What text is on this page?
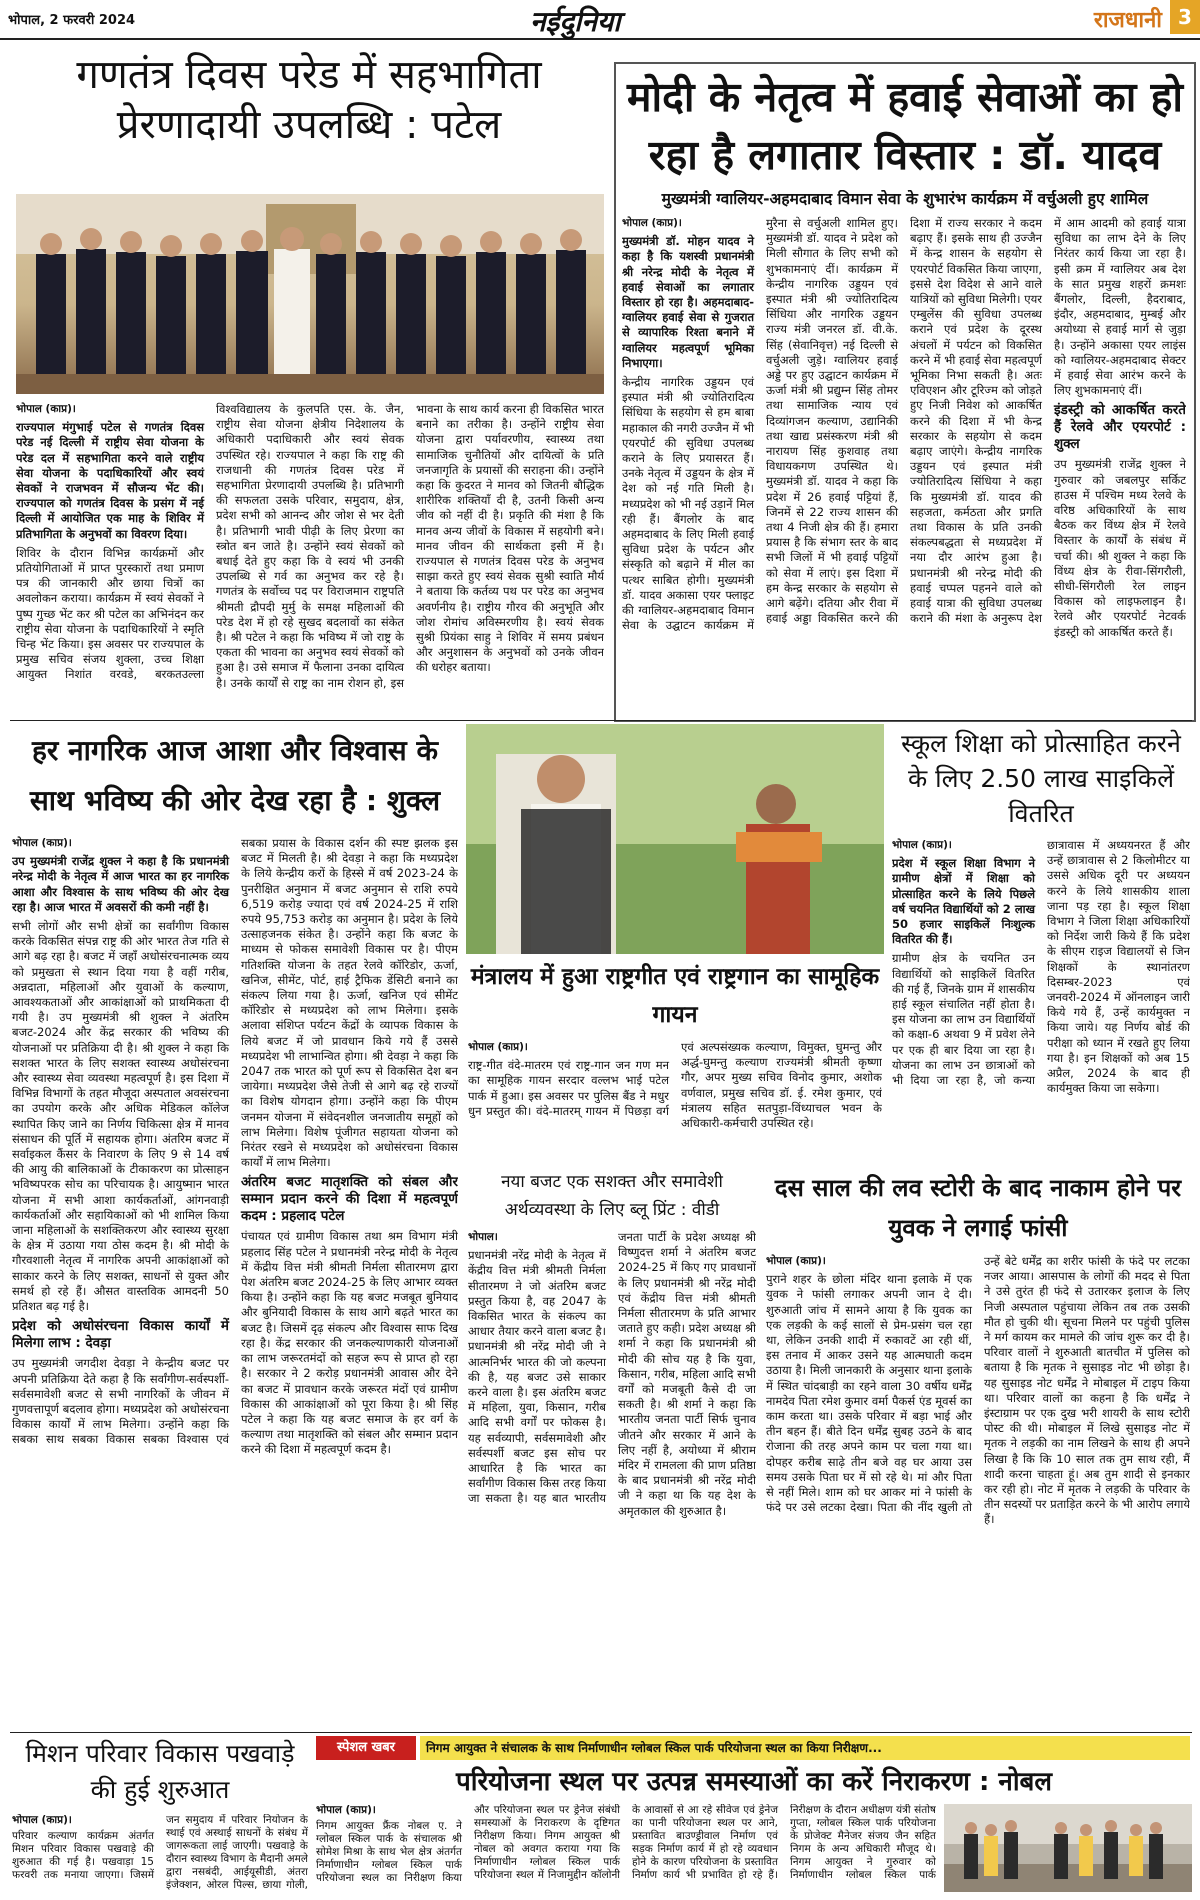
भोपाल, 2 फरवरी 2024	नईदुनिया	राजधानी 3
गणतंत्र दिवस परेड में सहभागिता प्रेरणादायी उपलब्धि : पटेल
भोपाल (काप्र)।
राज्यपाल मंगुभाई पटेल से गणतंत्र दिवस परेड नई दिल्ली में राष्ट्रीय सेवा योजना के परेड दल में सहभागिता करने वाले राष्ट्रीय सेवा योजना के पदाधिकारियों और स्वयं सेवकों ने राजभवन में सौजन्य भेंट की। राज्यपाल को गणतंत्र दिवस के प्रसंग में नई दिल्ली में आयोजित एक माह के शिविर में प्रतिभागिता के अनुभवों का विवरण दिया।
शिविर के दौरान विभिन्न कार्यक्रमों और प्रतियोगिताओं में प्राप्त पुरस्कारों तथा प्रमाण पत्र की जानकारी और छाया चित्रों का अवलोकन कराया। कार्यक्रम में स्वयं सेवकों ने पुष्प गुच्छ भेंट कर श्री पटेल का अभिनंदन कर राष्ट्रीय सेवा योजना के पदाधिकारियों ने स्मृति चिन्ह भेंट किया। इस अवसर पर राज्यपाल के प्रमुख सचिव संजय शुक्ला, उच्च शिक्षा आयुक्त निशांत वरवडे, बरकतउल्ला विश्वविद्यालय के कुलपति एस. के. जैन, राष्ट्रीय सेवा योजना क्षेत्रीय निदेशालय के अधिकारी पदाधिकारी और स्वयं सेवक उपस्थित रहे। राज्यपाल ने कहा कि राष्ट्र की राजधानी की गणतंत्र दिवस परेड में सहभागिता प्रेरणादायी उपलब्धि है। प्रतिभागी की सफलता उसके परिवार, समुदाय, क्षेत्र, प्रदेश सभी को आनन्द और जोश से भर देती है। प्रतिभागी भावी पीढ़ी के लिए प्रेरणा का स्त्रोत बन जाते है। उन्होंने स्वयं सेवकों को बधाई देते हुए कहा कि वे स्वयं भी उनकी उपलब्धि से गर्व का अनुभव कर रहे है। गणतंत्र के सर्वोच्च पद पर विराजमान राष्ट्रपति श्रीमती द्रौपदी मुर्मु के समक्ष महिलाओं की परेड देश में हो रहे सुखद बदलावों का संकेत है। श्री पटेल ने कहा कि भविष्य में जो राष्ट्र के एकता की भावना का अनुभव स्वयं सेवकों को हुआ है। उसे समाज में फैलाना उनका दायित्व है। उनके कार्यों से राष्ट्र का नाम रोशन हो, इस भावना के साथ कार्य करना ही विकसित भारत बनाने का तरीका है। उन्होंने राष्ट्रीय सेवा योजना द्वारा पर्यावरणीय, स्वास्थ्य तथा सामाजिक चुनौतियों और दायित्वों के प्रति जनजागृति के प्रयासों की सराहना की। उन्होंने कहा कि कुदरत ने मानव को जितनी बौद्धिक शारीरिक शक्तियाँ दी है, उतनी किसी अन्य जीव को नहीं दी है। प्रकृति की मंशा है कि मानव अन्य जीवों के विकास में सहयोगी बने। मानव जीवन की सार्थकता इसी में है। राज्यपाल से गणतंत्र दिवस परेड के अनुभव साझा करते हुए स्वयं सेवक सुश्री स्वाति मौर्य ने बताया कि कर्तव्य पथ पर परेड का अनुभव अवर्णनीय है। राष्ट्रीय गौरव की अनुभूति और जोश रोमांच अविस्मरणीय है। स्वयं सेवक सुश्री प्रियंका साहु ने शिविर में समय प्रबंधन और अनुशासन के अनुभवों को उनके जीवन की धरोहर बताया।
मोदी के नेतृत्व में हवाई सेवाओं का हो रहा है लगातार विस्तार : डॉ. यादव
मुख्यमंत्री ग्वालियर-अहमदाबाद विमान सेवा के शुभारंभ कार्यक्रम में वर्चुअली हुए शामिल
भोपाल (काप्र)।
मुख्यमंत्री डॉ. मोहन यादव ने कहा है कि यशस्वी प्रधानमंत्री श्री नरेन्द्र मोदी के नेतृत्व में हवाई सेवाओं का लगातार विस्तार हो रहा है। अहमदाबाद-ग्वालियर हवाई सेवा से गुजरात से व्यापारिक रिश्ता बनाने में ग्वालियर महत्वपूर्ण भूमिका निभाएगा।
केन्द्रीय नागरिक उड्डयन एवं इस्पात मंत्री श्री ज्योतिरादित्य सिंधिया के सहयोग से हम बाबा महाकाल की नगरी उज्जैन में भी एयरपोर्ट की सुविधा उपलब्ध कराने के लिए प्रयासरत हैं। उनके नेतृत्व में उड्डयन के क्षेत्र में देश को नई गति मिली है। मध्यप्रदेश को भी नई उड़ानें मिल रही हैं। बैंगलोर के बाद अहमदाबाद के लिए मिली हवाई सुविधा प्रदेश के पर्यटन और संस्कृति को बढ़ाने में मील का पत्थर साबित होगी। मुख्यमंत्री डॉ. यादव अकासा एयर फ्लाइट की ग्वालियर-अहमदाबाद विमान सेवा के उद्घाटन कार्यक्रम में मुरैना से वर्चुअली शामिल हुए। मुख्यमंत्री डॉ. यादव ने प्रदेश को मिली सौगात के लिए सभी को शुभकामनाएं दीं। कार्यक्रम में केन्द्रीय नागरिक उड्डयन एवं इस्पात मंत्री श्री ज्योतिरादित्य सिंधिया और नागरिक उड्डयन राज्य मंत्री जनरल डॉ. वी.के. सिंह (सेवानिवृत्त) नई दिल्ली से वर्चुअली जुड़े। ग्वालियर हवाई अड्डे पर हुए उद्घाटन कार्यक्रम में ऊर्जा मंत्री श्री प्रद्युम्न सिंह तोमर तथा सामाजिक न्याय एवं दिव्यांगजन कल्याण, उद्यानिकी तथा खाद्य प्रसंस्करण मंत्री श्री नारायण सिंह कुशवाह तथा विधायकगण उपस्थित थे। मुख्यमंत्री डॉ. यादव ने कहा कि प्रदेश में 26 हवाई पट्टियां हैं, जिनमें से 22 राज्य शासन की तथा 4 निजी क्षेत्र की हैं। हमारा प्रयास है कि संभाग स्तर के बाद सभी जिलों में भी हवाई पट्टियों को सेवा में लाएं। इस दिशा में हम केन्द्र सरकार के सहयोग से आगे बढ़ेंगे। दतिया और रीवा में हवाई अड्डा विकसित करने की दिशा में राज्य सरकार ने कदम बढ़ाए हैं। इसके साथ ही उज्जैन में केन्द्र शासन के सहयोग से एयरपोर्ट विकसित किया जाएगा, इससे देश विदेश से आने वाले यात्रियों को सुविधा मिलेगी। एयर एम्बुलेंस की सुविधा उपलब्ध कराने एवं प्रदेश के दूरस्थ अंचलों में पर्यटन को विकसित करने में भी हवाई सेवा महत्वपूर्ण भूमिका निभा सकती है। अतः एविएशन और टूरिज्म को जोड़ते हुए निजी निवेश को आकर्षित करने की दिशा में भी केन्द्र सरकार के सहयोग से कदम बढ़ाए जाएंगे। केन्द्रीय नागरिक उड्डयन एवं इस्पात मंत्री ज्योतिरादित्य सिंधिया ने कहा कि मुख्यमंत्री डॉ. यादव की सहजता, कर्मठता और प्रगति तथा विकास के प्रति उनकी संकल्पबद्धता से मध्यप्रदेश में नया दौर आरंभ हुआ है। प्रधानमंत्री श्री नरेन्द्र मोदी की हवाई चप्पल पहनने वाले को हवाई यात्रा की सुविधा उपलब्ध कराने की मंशा के अनुरूप देश में आम आदमी को हवाई यात्रा सुविधा का लाभ देने के लिए निरंतर कार्य किया जा रहा है। इसी क्रम में ग्वालियर अब देश के सात प्रमुख शहरों क्रमशः बैंगलोर, दिल्ली, हैदराबाद, इंदौर, अहमदाबाद, मुम्बई और अयोध्या से हवाई मार्ग से जुड़ा है। उन्होंने अकासा एयर लाइंस को ग्वालियर-अहमदाबाद सेक्टर में हवाई सेवा आरंभ करने के लिए शुभकामनाएं दीं।
इंडस्ट्री को आकर्षित करते हैं रेलवे और एयरपोर्ट : शुक्ल
उप मुख्यमंत्री राजेंद्र शुक्ल ने गुरुवार को जबलपुर सर्किट हाउस में पश्चिम मध्य रेलवे के वरिष्ठ अधिकारियों के साथ बैठक कर विंध्य क्षेत्र में रेलवे विस्तार के कार्यों के संबंध में चर्चा की। श्री शुक्ल ने कहा कि विंध्य क्षेत्र के रीवा-सिंगरौली, सीधी-सिंगरौली रेल लाइन विकास को लाइफलाइन है। रेलवे और एयरपोर्ट नेटवर्क इंडस्ट्री को आकर्षित करते हैं।
हर नागरिक आज आशा और विश्वास के साथ भविष्य की ओर देख रहा है : शुक्ल
भोपाल (काप्र)।
उप मुख्यमंत्री राजेंद्र शुक्ल ने कहा है कि प्रधानमंत्री नरेन्द्र मोदी के नेतृत्व में आज भारत का हर नागरिक आशा और विश्वास के साथ भविष्य की ओर देख रहा है। आज भारत में अवसरों की कमी नहीं है।
सभी लोगों और सभी क्षेत्रों का सर्वांगीण विकास करके विकसित संपन्न राष्ट्र की ओर भारत तेज गति से आगे बढ़ रहा है। बजट में जहाँ अधोसंरचनात्मक व्यय को प्रमुखता से स्थान दिया गया है वहीं गरीब, अन्नदाता, महिलाओं और युवाओं के कल्याण, आवश्यकताओं और आकांक्षाओं को प्राथमिकता दी गयी है। उप मुख्यमंत्री श्री शुक्ल ने अंतरिम बजट-2024 और केंद्र सरकार की भविष्य की योजनाओं पर प्रतिक्रिया दी है। श्री शुक्ल ने कहा कि सशक्त भारत के लिए सशक्त स्वास्थ्य अधोसंरचना और स्वास्थ्य सेवा व्यवस्था महत्वपूर्ण है। इस दिशा में विभिन्न विभागों के तहत मौजूदा अस्पताल अवसंरचना का उपयोग करके और अधिक मेडिकल कॉलेज स्थापित किए जाने का निर्णय चिकित्सा क्षेत्र में मानव संसाधन की पूर्ति में सहायक होगा। अंतरिम बजट में सर्वाइकल कैंसर के निवारण के लिए 9 से 14 वर्ष की आयु की बालिकाओं के टीकाकरण का प्रोत्साहन भविष्यपरक सोच का परिचायक है। आयुष्मान भारत योजना में सभी आशा कार्यकर्ताओं, आंगनवाड़ी कार्यकर्ताओं और सहायिकाओं को भी शामिल किया जाना महिलाओं के सशक्तिकरण और स्वास्थ्य सुरक्षा के क्षेत्र में उठाया गया ठोस कदम है। श्री मोदी के गौरवशाली नेतृत्व में नागरिक अपनी आकांक्षाओं को साकार करने के लिए सशक्त, साधनों से युक्त और समर्थ हो रहे हैं। औसत वास्तविक आमदनी 50 प्रतिशत बढ़ गई है।
प्रदेश को अधोसंरचना विकास कार्यों में मिलेगा लाभ : देवड़ा
उप मुख्यमंत्री जगदीश देवड़ा ने केन्द्रीय बजट पर अपनी प्रतिक्रिया देते कहा है कि सर्वांगीण-सर्वस्पर्शी-सर्वसमावेशी बजट से सभी नागरिकों के जीवन में गुणवत्तापूर्ण बदलाव होगा। मध्यप्रदेश को अधोसंरचना विकास कार्यों में लाभ मिलेगा। उन्होंने कहा कि सबका साथ सबका विकास सबका विश्वास एवं सबका प्रयास के विकास दर्शन की स्पष्ट झलक इस बजट में मिलती है। श्री देवड़ा ने कहा कि मध्यप्रदेश के लिये केन्द्रीय करों के हिस्से में वर्ष 2023-24 के पुनरीक्षित अनुमान में बजट अनुमान से राशि रुपये 6,519 करोड़ ज्यादा एवं वर्ष 2024-25 में राशि रुपये 95,753 करोड़ का अनुमान है। प्रदेश के लिये उत्साहजनक संकेत है। उन्होंने कहा कि बजट के माध्यम से फोकस समावेशी विकास पर है। पीएम गतिशक्ति योजना के तहत रेलवे कॉरिडोर, ऊर्जा, खनिज, सीमेंट, पोर्ट, हाई ट्रैफिक डेंसिटी बनाने का संकल्प लिया गया है। ऊर्जा, खनिज एवं सीमेंट कॉरिडोर से मध्यप्रदेश को लाभ मिलेगा। इसके अलावा संशिप्त पर्यटन केंद्रों के व्यापक विकास के लिये बजट में जो प्रावधान किये गये हैं उससे मध्यप्रदेश भी लाभान्वित होगा। श्री देवड़ा ने कहा कि 2047 तक भारत को पूर्ण रूप से विकसित देश बन जायेगा। मध्यप्रदेश जैसे तेजी से आगे बढ़ रहे राज्यों का विशेष योगदान होगा। उन्होंने कहा कि पीएम जनमन योजना में संवेदनशील जनजातीय समूहों को लाभ मिलेगा। विशेष पूंजीगत सहायता योजना को निरंतर रखने से मध्यप्रदेश को अधोसंरचना विकास कार्यों में लाभ मिलेगा।
अंतरिम बजट मातृशक्ति को संबल और सम्मान प्रदान करने की दिशा में महत्वपूर्ण कदम : प्रहलाद पटेल
पंचायत एवं ग्रामीण विकास तथा श्रम विभाग मंत्री प्रहलाद सिंह पटेल ने प्रधानमंत्री नरेन्द्र मोदी के नेतृत्व में केंद्रीय वित्त मंत्री श्रीमती निर्मला सीतारमण द्वारा पेश अंतरिम बजट 2024-25 के लिए आभार व्यक्त किया है। उन्होंने कहा कि यह बजट मजबूत बुनियाद और बुनियादी विकास के साथ आगे बढ़ते भारत का बजट है। जिसमें दृढ़ संकल्प और विश्वास साफ दिख रहा है। केंद्र सरकार की जनकल्याणकारी योजनाओं का लाभ जरूरतमंदों को सहज रूप से प्राप्त हो रहा है। सरकार ने 2 करोड़ प्रधानमंत्री आवास और देने का बजट में प्रावधान करके जरूरत मंदों एवं ग्रामीण विकास की आकांक्षाओं को पूरा किया है। श्री सिंह पटेल ने कहा कि यह बजट समाज के हर वर्ग के कल्याण तथा मातृशक्ति को संबल और सम्मान प्रदान करने की दिशा में महत्वपूर्ण कदम है।
मंत्रालय में हुआ राष्ट्रगीत एवं राष्ट्रगान का सामूहिक गायन
भोपाल (काप्र)।
राष्ट्र-गीत वंदे-मातरम एवं राष्ट्र-गान जन गण मन का सामूहिक गायन सरदार वल्लभ भाई पटेल पार्क में हुआ। इस अवसर पर पुलिस बैंड ने मधुर धुन प्रस्तुत की। वंदे-मातरम् गायन में पिछड़ा वर्ग एवं अल्पसंख्यक कल्याण, विमुक्त, घुमन्तु और अर्द्ध-घुमन्तु कल्याण राज्यमंत्री श्रीमती कृष्णा गौर, अपर मुख्य सचिव विनोद कुमार, अशोक वर्णवाल, प्रमुख सचिव डॉ. ई. रमेश कुमार, एवं मंत्रालय सहित सतपुड़ा-विंध्याचल भवन के अधिकारी-कर्मचारी उपस्थित रहे।
स्कूल शिक्षा को प्रोत्साहित करने के लिए 2.50 लाख साइकिलें वितरित
भोपाल (काप्र)।
प्रदेश में स्कूल शिक्षा विभाग ने ग्रामीण क्षेत्रों में शिक्षा को प्रोत्साहित करने के लिये पिछले वर्ष चयनित विद्यार्थियों को 2 लाख 50 हजार साइकिलें निःशुल्क वितरित की हैं।
ग्रामीण क्षेत्र के चयनित उन विद्यार्थियों को साइकिलें वितरित की गई हैं, जिनके ग्राम में शासकीय हाई स्कूल संचालित नहीं होता है। इस योजना का लाभ उन विद्यार्थियों को कक्षा-6 अथवा 9 में प्रवेश लेने पर एक ही बार दिया जा रहा है। योजना का लाभ उन छात्राओं को भी दिया जा रहा है, जो कन्या छात्रावास में अध्ययनरत हैं और उन्हें छात्रावास से 2 किलोमीटर या उससे अधिक दूरी पर अध्ययन करने के लिये शासकीय शाला जाना पड़ रहा है। स्कूल शिक्षा विभाग ने जिला शिक्षा अधिकारियों को निर्देश जारी किये हैं कि प्रदेश के सीएम राइज विद्यालयों से जिन शिक्षकों के स्थानांतरण दिसम्बर-2023 एवं जनवरी-2024 में ऑनलाइन जारी किये गये हैं, उन्हें कार्यमुक्त न किया जाये। यह निर्णय बोर्ड की परीक्षा को ध्यान में रखते हुए लिया गया है। इन शिक्षकों को अब 15 अप्रैल, 2024 के बाद ही कार्यमुक्त किया जा सकेगा।
नया बजट एक सशक्त और समावेशी अर्थव्यवस्था के लिए ब्लू प्रिंट : वीडी
भोपाल।
प्रधानमंत्री नरेंद्र मोदी के नेतृत्व में केंद्रीय वित्त मंत्री श्रीमती निर्मला सीतारमण ने जो अंतरिम बजट प्रस्तुत किया है, वह 2047 के विकसित भारत के संकल्प का आधार तैयार करने वाला बजट है। प्रधानमंत्री श्री नरेंद्र मोदी जी ने आत्मनिर्भर भारत की जो कल्पना की है, यह बजट उसे साकार करने वाला है। इस अंतरिम बजट में महिला, युवा, किसान, गरीब आदि सभी वर्गों पर फोकस है। यह सर्वव्यापी, सर्वसमावेशी और सर्वस्पर्शी बजट इस सोच पर आधारित है कि भारत का सर्वांगीण विकास किस तरह किया जा सकता है। यह बात भारतीय जनता पार्टी के प्रदेश अध्यक्ष श्री विष्णुदत्त शर्मा ने अंतरिम बजट 2024-25 में किए गए प्रावधानों के लिए प्रधानमंत्री श्री नरेंद्र मोदी एवं केंद्रीय वित्त मंत्री श्रीमती निर्मला सीतारमण के प्रति आभार जताते हुए कही। प्रदेश अध्यक्ष श्री शर्मा ने कहा कि प्रधानमंत्री श्री मोदी की सोच यह है कि युवा, किसान, गरीब, महिला आदि सभी वर्गों को मजबूती कैसे दी जा सकती है। श्री शर्मा ने कहा कि भारतीय जनता पार्टी सिर्फ चुनाव जीतने और सरकार में आने के लिए नहीं है, अयोध्या में श्रीराम मंदिर में रामलला की प्राण प्रतिष्ठा के बाद प्रधानमंत्री श्री नरेंद्र मोदी जी ने कहा था कि यह देश के अमृतकाल की शुरुआत है।
दस साल की लव स्टोरी के बाद नाकाम होने पर युवक ने लगाई फांसी
भोपाल (काप्र)।
पुराने शहर के छोला मंदिर थाना इलाके में एक युवक ने फांसी लगाकर अपनी जान दे दी। शुरुआती जांच में सामने आया है कि युवक का एक लड़की के कई सालों से प्रेम-प्रसंग चल रहा था, लेकिन उनकी शादी में रुकावटें आ रही थीं, इस तनाव में आकर उसने यह आत्मघाती कदम उठाया है। मिली जानकारी के अनुसार थाना इलाके में स्थित चांदबाड़ी का रहने वाला 30 वर्षीय धर्मेंद्र नामदेव पिता रमेश कुमार वर्मा पैकर्स एंड मूवर्स का काम करता था। उसके परिवार में बड़ा भाई और तीन बहन हैं। बीते दिन धर्मेंद्र सुबह उठने के बाद रोजाना की तरह अपने काम पर चला गया था। दोपहर करीब साढ़े तीन बजे वह घर आया उस समय उसके पिता घर में सो रहे थे। मां और पिता से नहीं मिले। शाम को घर आकर मां ने फांसी के फंदे पर उसे लटका देखा। पिता की नींद खुली तो उन्हें बेटे धर्मेंद्र का शरीर फांसी के फंदे पर लटका नजर आया। आसपास के लोगों की मदद से पिता ने उसे तुरंत ही फंदे से उतारकर इलाज के लिए निजी अस्पताल पहुंचाया लेकिन तब तक उसकी मौत हो चुकी थी। सूचना मिलने पर पहुंची पुलिस ने मर्ग कायम कर मामले की जांच शुरू कर दी है। परिवार वालों ने शुरुआती बातचीत में पुलिस को बताया है कि मृतक ने सुसाइड नोट भी छोड़ा है। यह सुसाइड नोट धर्मेंद्र ने मोबाइल में टाइप किया था। परिवार वालों का कहना है कि धर्मेंद्र ने इंस्टाग्राम पर एक दुख भरी शायरी के साथ स्टोरी पोस्ट की थी। मोबाइल में लिखे सुसाइड नोट में मृतक ने लड़की का नाम लिखने के साथ ही अपने लिखा है कि कि 10 साल तक तुम साथ रही, मैं शादी करना चाहता हूं। अब तुम शादी से इनकार कर रही हो। नोट में मृतक ने लड़की के परिवार के तीन सदस्यों पर प्रताड़ित करने के भी आरोप लगाये हैं।
मिशन परिवार विकास पखवाड़े की हुई शुरुआत
भोपाल (काप्र)।
परिवार कल्याण कार्यक्रम अंतर्गत मिशन परिवार विकास पखवाड़े की शुरुआत की गई है। पखवाड़ा 15 फरवरी तक मनाया जाएगा। जिसमें जन समुदाय में परिवार नियोजन के स्थाई एवं अस्थाई साधनों के संबंध में जागरूकता लाई जाएगी। पखवाड़े के दौरान स्वास्थ्य विभाग के मैदानी अमले द्वारा नसबंदी, आईयूसीडी, अंतरा इंजेक्शन, ओरल पिल्स, छाया गोली,
स्पेशल खबर	निगम आयुक्त ने संचालक के साथ निर्माणाधीन ग्लोबल स्किल पार्क परियोजना स्थल का किया निरीक्षण...
परियोजना स्थल पर उत्पन्न समस्याओं का करें निराकरण : नोबल
भोपाल (काप्र)।
निगम आयुक्त फ्रैंक नोबल ए. ने ग्लोबल स्किल पार्क के संचालक श्री सोमेश मिश्रा के साथ भेल क्षेत्र अंतर्गत निर्माणाधीन ग्लोबल स्किल पार्क परियोजना स्थल का निरीक्षण किया और परियोजना स्थल पर ड्रेनेज संबंधी समस्याओं के निराकरण के दृष्टिगत निरीक्षण किया। निगम आयुक्त श्री नोबल को अवगत कराया गया कि निर्माणाधीन ग्लोबल स्किल पार्क परियोजना स्थल में निजामुद्दीन कॉलोनी के आवासों से आ रहे सीवेज एवं ड्रेनेज का पानी परियोजना स्थल पर आने, प्रस्तावित बाउण्ड्रीवाल निर्माण एवं सड़क निर्माण कार्य में हो रहे व्यवधान होने के कारण परियोजना के प्रस्तावित निर्माण कार्य भी प्रभावित हो रहे हैं। निरीक्षण के दौरान अधीक्षण यंत्री संतोष गुप्ता, ग्लोबल स्किल पार्क परियोजना के प्रोजेक्ट मैनेजर संजय जैन सहित निगम के अन्य अधिकारी मौजूद थे। निगम आयुक्त ने गुरुवार को निर्माणाधीन ग्लोबल स्किल पार्क
